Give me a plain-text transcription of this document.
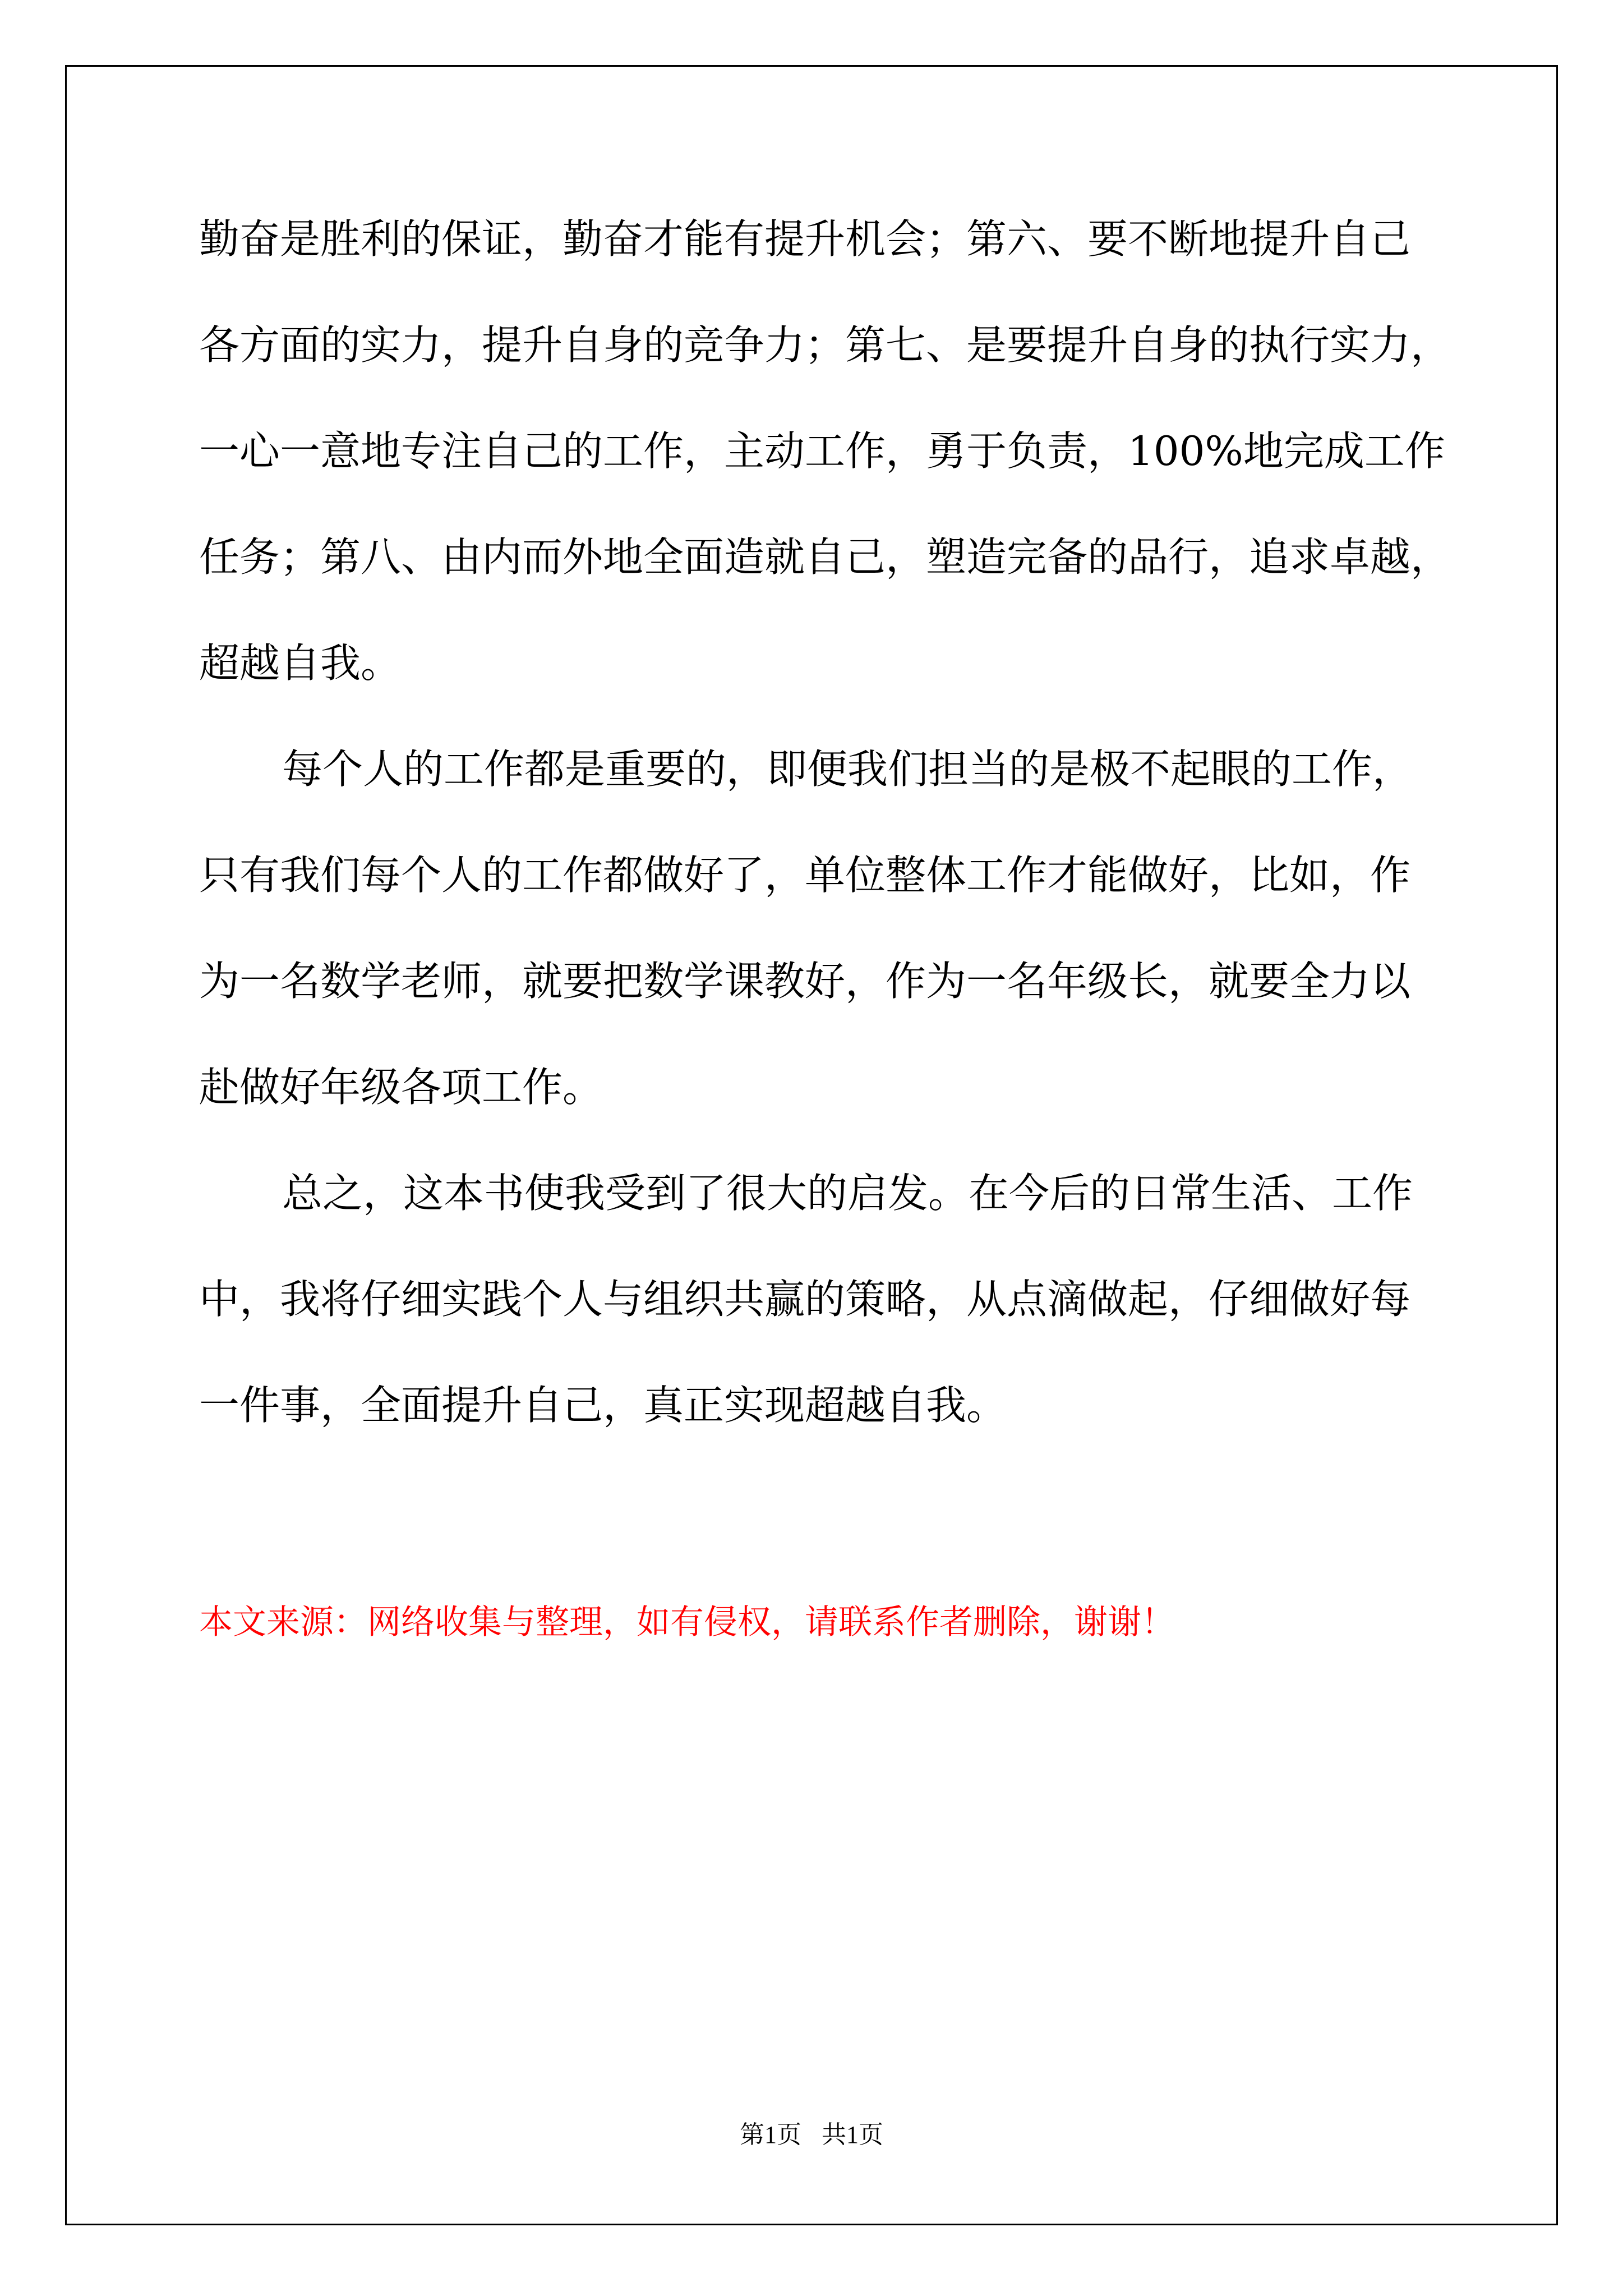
勤奋是胜利的保证，勤奋才能有提升机会；第六、要不断地提升自己
各方面的实力，提升自身的竞争力；第七、是要提升自身的执行实力，
一心一意地专注自己的工作，主动工作，勇于负责，100%地完成工作
任务；第八、由内而外地全面造就自己，塑造完备的品行，追求卓越，
超越自我。
每个人的工作都是重要的，即便我们担当的是极不起眼的工作，
只有我们每个人的工作都做好了，单位整体工作才能做好，比如，作
为一名数学老师，就要把数学课教好，作为一名年级长，就要全力以
赴做好年级各项工作。
总之，这本书使我受到了很大的启发。在今后的日常生活、工作
中，我将仔细实践个人与组织共赢的策略，从点滴做起，仔细做好每
一件事，全面提升自己，真正实现超越自我。
本文来源：网络收集与整理，如有侵权，请联系作者删除，谢谢！
第1页 共1页
